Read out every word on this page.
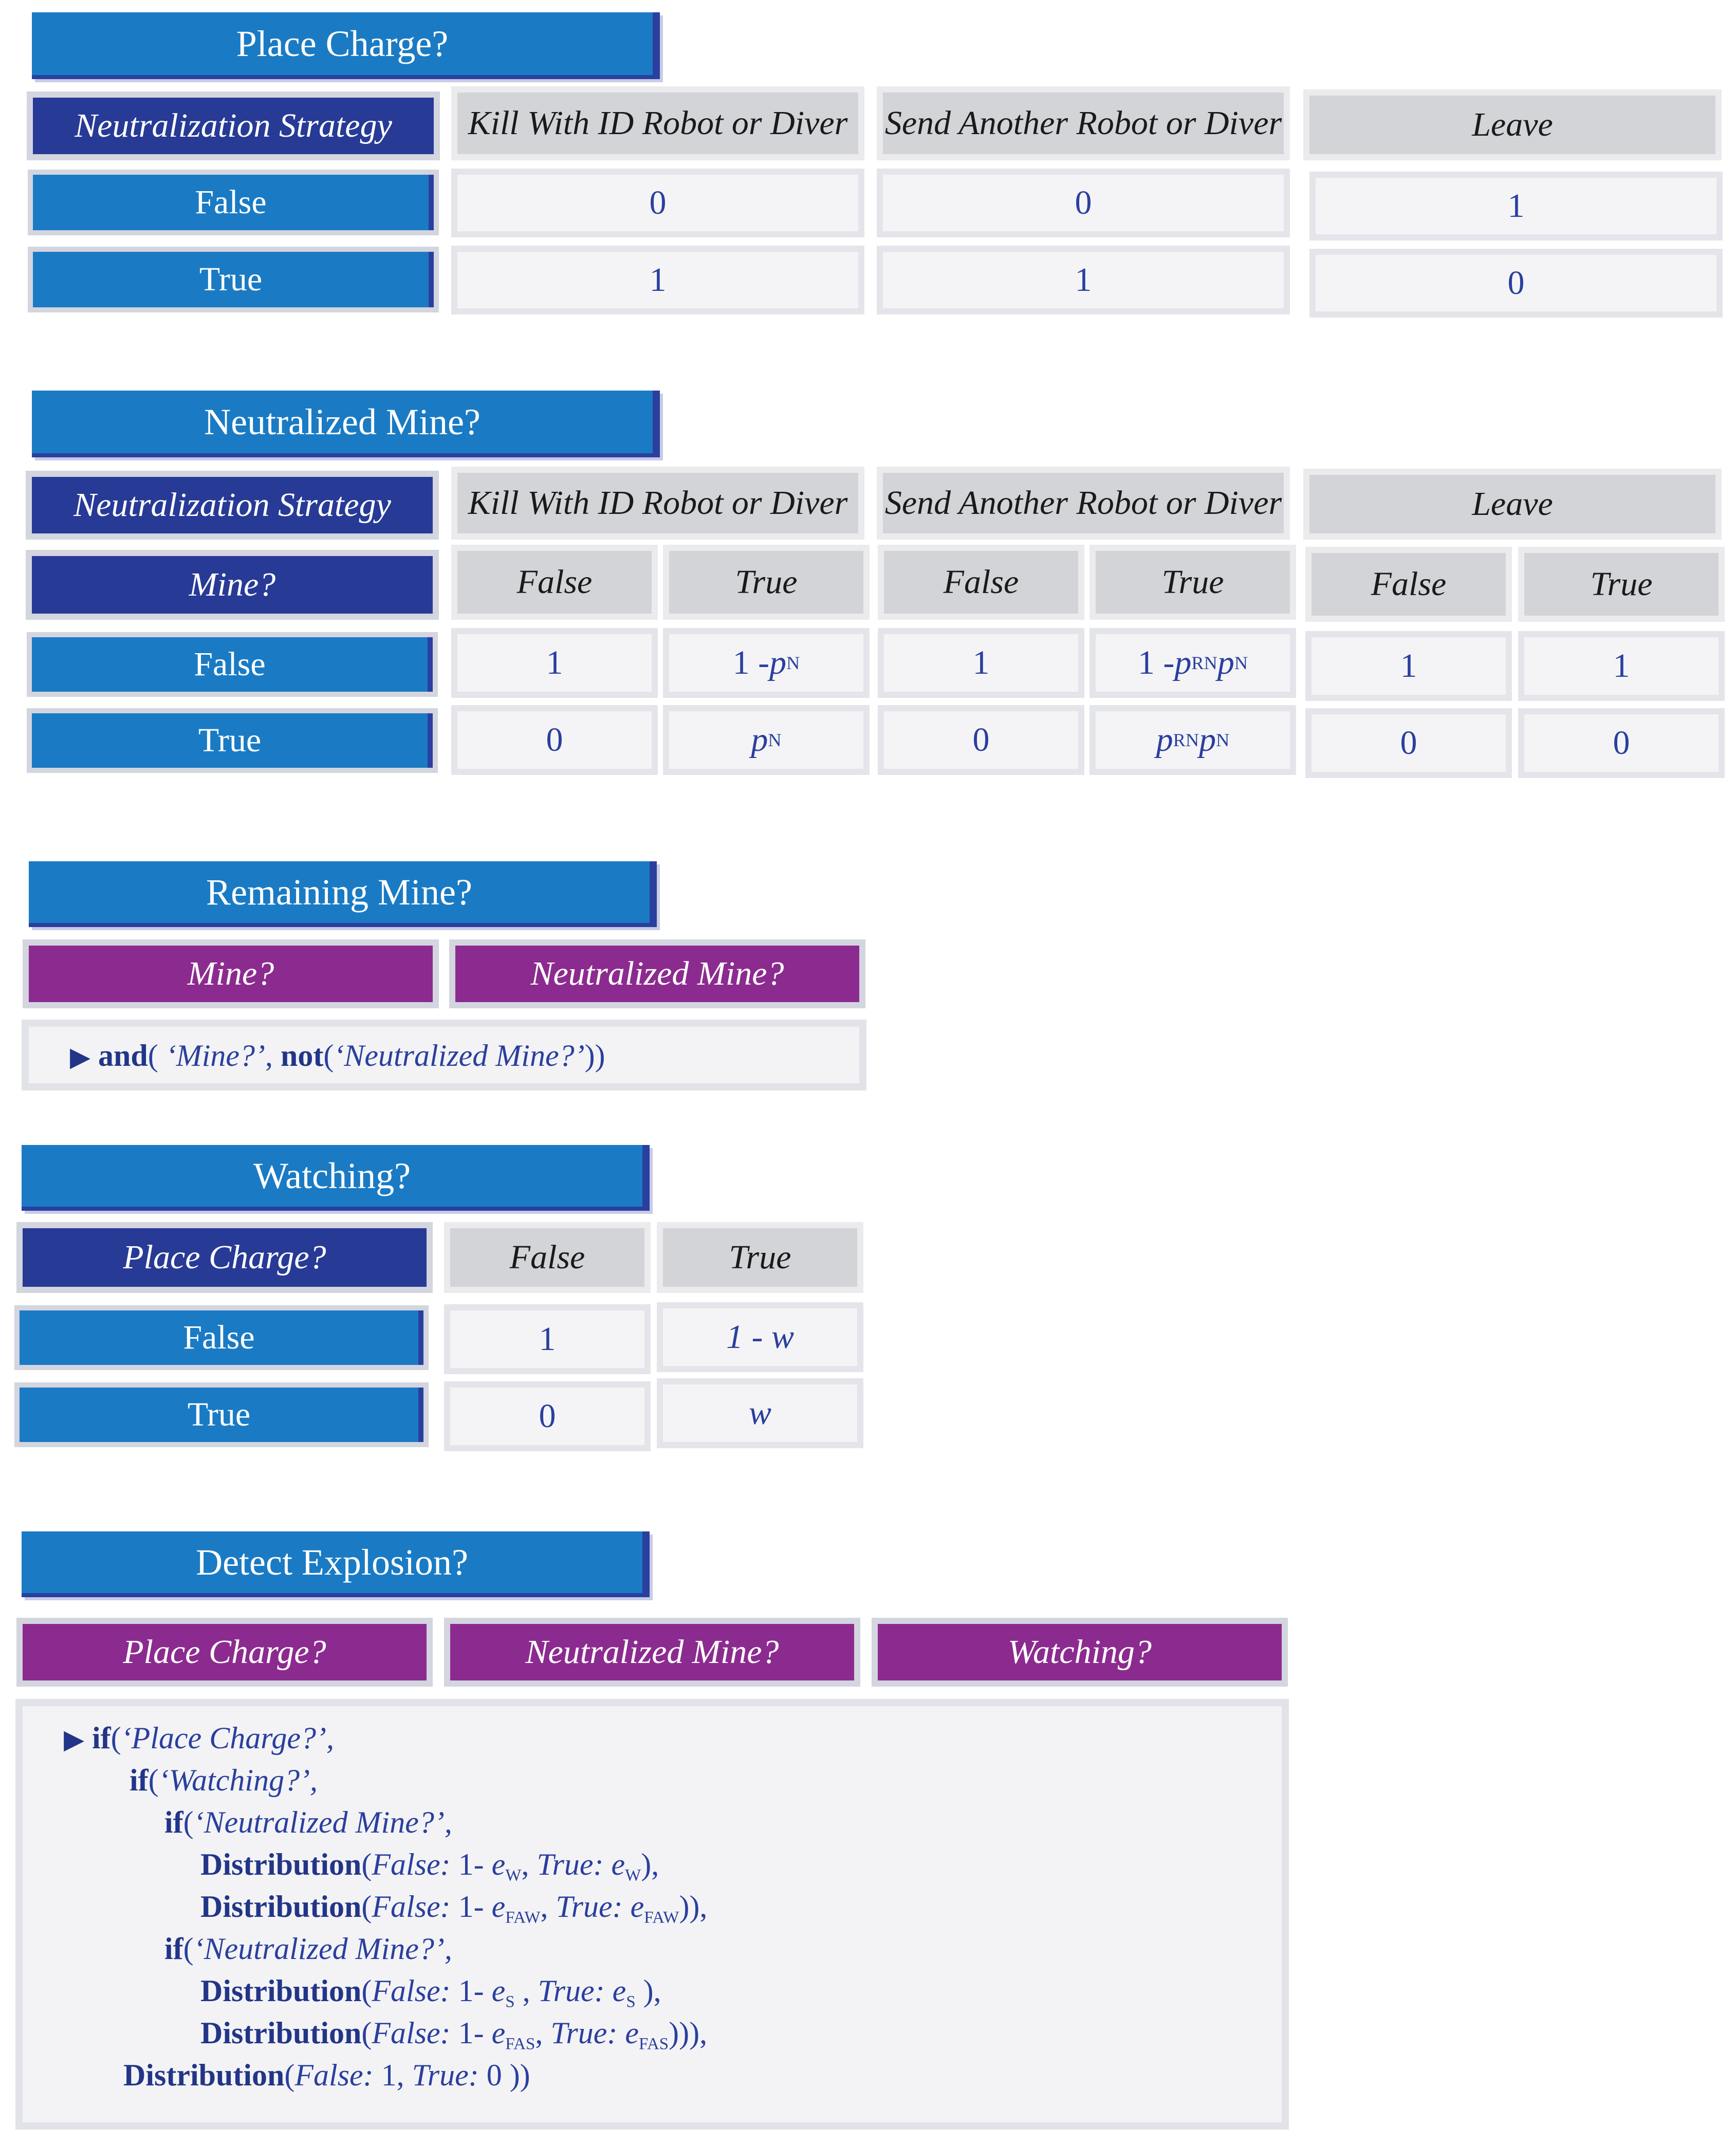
Place Charge?
Neutralization Strategy	Kill With ID Robot or Diver	Send Another Robot or Diver	Leave
False	0	0	1
True	1	1	0
Neutralized Mine?
Neutralization Strategy	Kill With ID Robot or Diver	Send Another Robot or Diver	Leave
Mine?	False	True	False	True	False	True
False	1	1 - p N	1	1 - p RN p N	1	1
True	0	p N	0	p RN p N	0	0
Remaining Mine?
Mine?	Neutralized Mine?
▶ and( ‘Mine?’, not(‘Neutralized Mine?’))
Watching?
Place Charge?	False	True
False	1	1 - w
True	0	w
Detect Explosion?
Place Charge?	Neutralized Mine?	Watching?
▶ if(‘Place Charge?’,
if(‘Watching?’,
if(‘Neutralized Mine?’,
Distribution(False: 1- $e_W$, True: $e_W$),
Distribution(False: 1- $e_{FAW}$, True: $e_{FAW}$)),
if(‘Neutralized Mine?’,
Distribution(False: 1- $e_S$ , True: $e_S$ ),
Distribution(False: 1- $e_{FAS}$, True: $e_{FAS}$))),
Distribution(False: 1, True: 0 ))
